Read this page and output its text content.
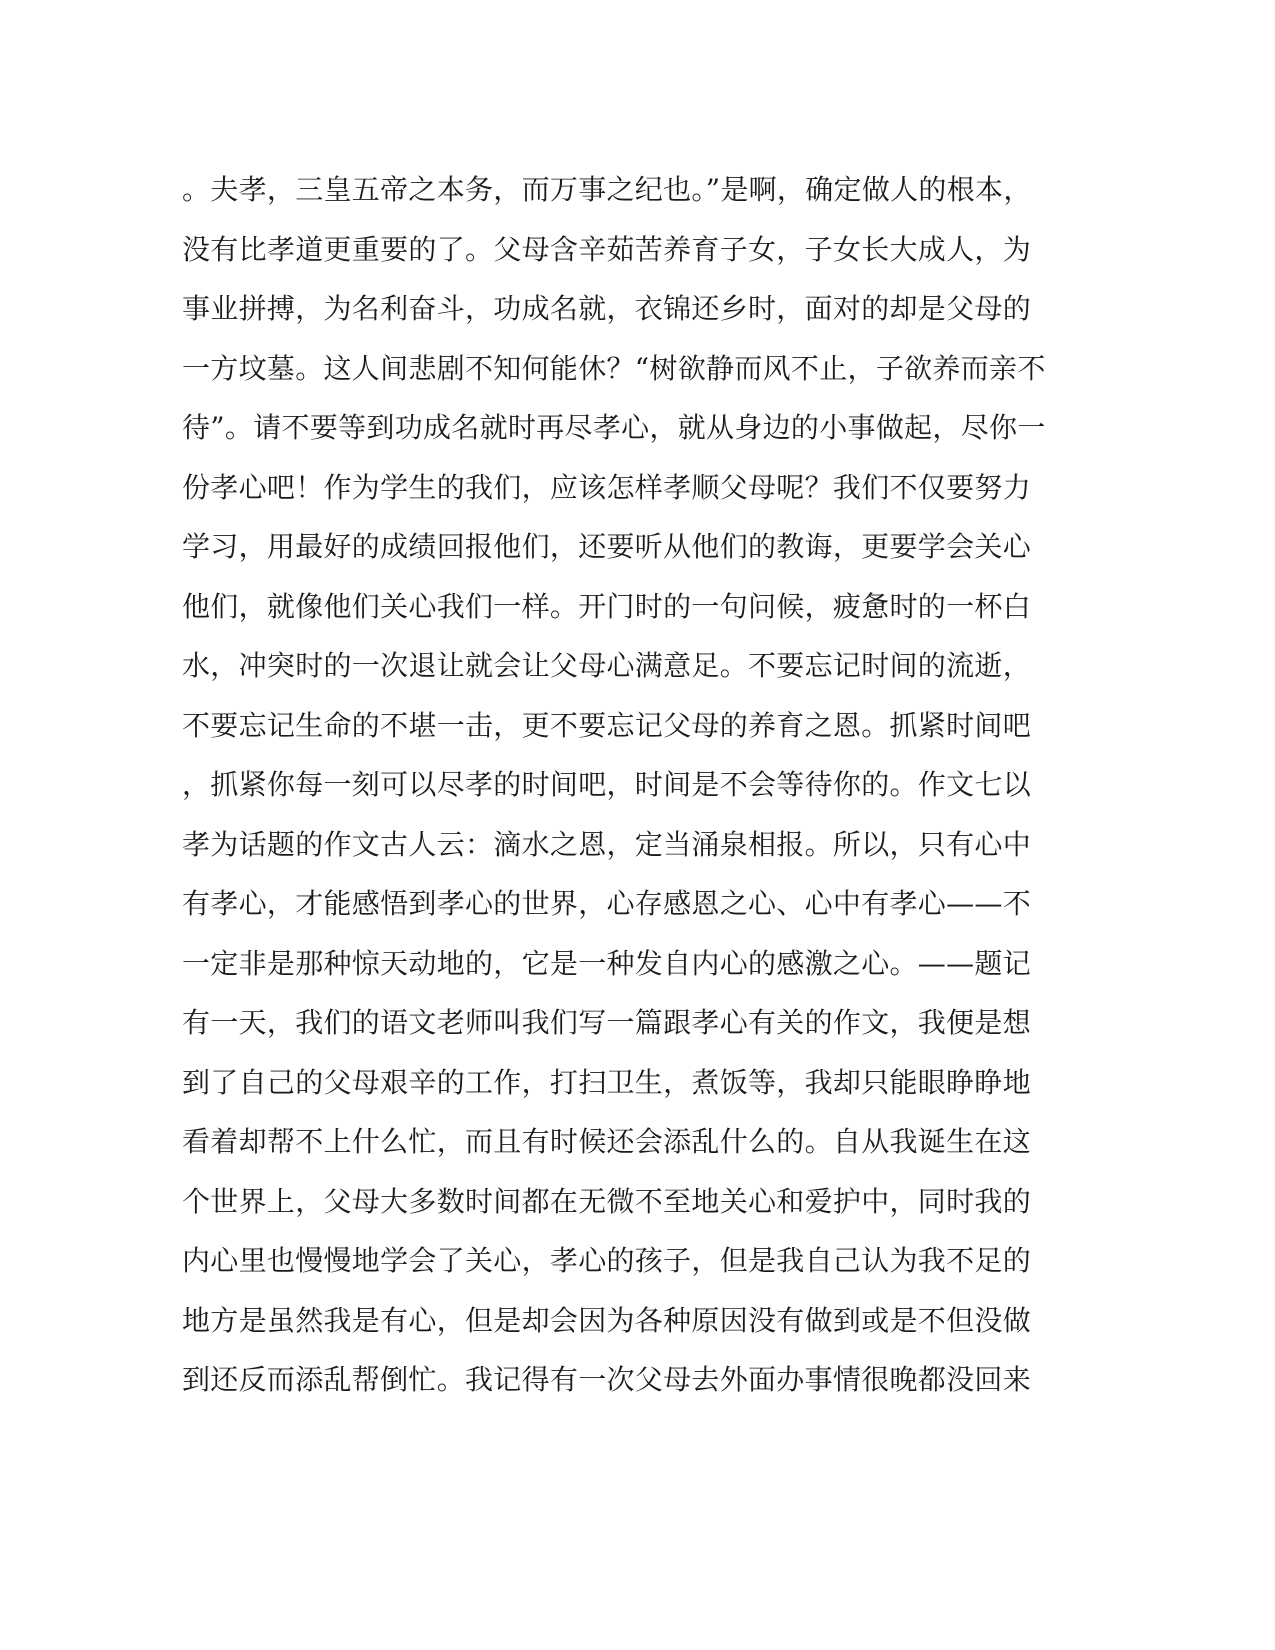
。夫孝，三皇五帝之本务，而万事之纪也。”是啊，确定做人的根本，
没有比孝道更重要的了。父母含辛茹苦养育子女，子女长大成人，为
事业拼搏，为名利奋斗，功成名就，衣锦还乡时，面对的却是父母的
一方坟墓。这人间悲剧不知何能休？“树欲静而风不止，子欲养而亲不
待”。请不要等到功成名就时再尽孝心，就从身边的小事做起，尽你一
份孝心吧！作为学生的我们，应该怎样孝顺父母呢？我们不仅要努力
学习，用最好的成绩回报他们，还要听从他们的教诲，更要学会关心
他们，就像他们关心我们一样。开门时的一句问候，疲惫时的一杯白
水，冲突时的一次退让就会让父母心满意足。不要忘记时间的流逝，
不要忘记生命的不堪一击，更不要忘记父母的养育之恩。抓紧时间吧
，抓紧你每一刻可以尽孝的时间吧，时间是不会等待你的。作文七以
孝为话题的作文古人云：滴水之恩，定当涌泉相报。所以，只有心中
有孝心，才能感悟到孝心的世界，心存感恩之心、心中有孝心——不
一定非是那种惊天动地的，它是一种发自内心的感激之心。——题记
有一天，我们的语文老师叫我们写一篇跟孝心有关的作文，我便是想
到了自己的父母艰辛的工作，打扫卫生，煮饭等，我却只能眼睁睁地
看着却帮不上什么忙，而且有时候还会添乱什么的。自从我诞生在这
个世界上，父母大多数时间都在无微不至地关心和爱护中，同时我的
内心里也慢慢地学会了关心，孝心的孩子，但是我自己认为我不足的
地方是虽然我是有心，但是却会因为各种原因没有做到或是不但没做
到还反而添乱帮倒忙。我记得有一次父母去外面办事情很晚都没回来
